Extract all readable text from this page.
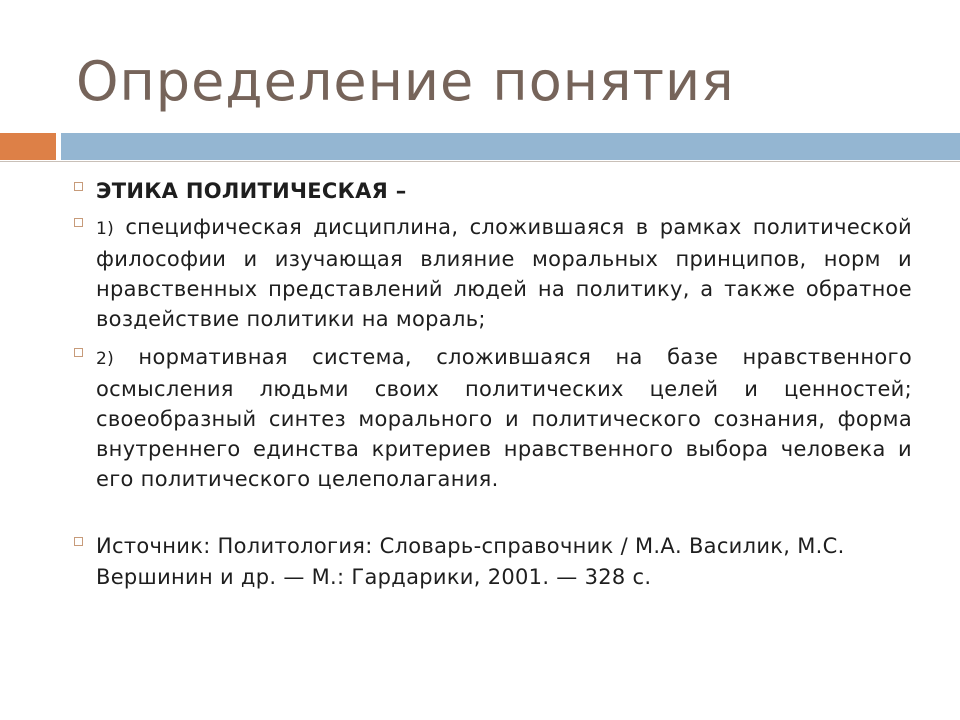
Определение понятия
ЭТИКА ПОЛИТИЧЕСКАЯ –
1) специфическая дисциплина, сложившаяся в рамках политической философии и изучающая влияние моральных принципов, норм и нравственных представлений людей на политику, а также обратное воздействие политики на мораль;
2) нормативная система, сложившаяся на базе нравственного осмысления людьми своих политических целей и ценностей; своеобразный синтез морального и политического сознания, форма внутреннего единства критериев нравственного выбора человека и его политического целеполагания.
Источник: Политология: Словарь-справочник / М.А. Василик, М.С. Вершинин и др. — М.: Гардарики, 2001. — 328 с.
